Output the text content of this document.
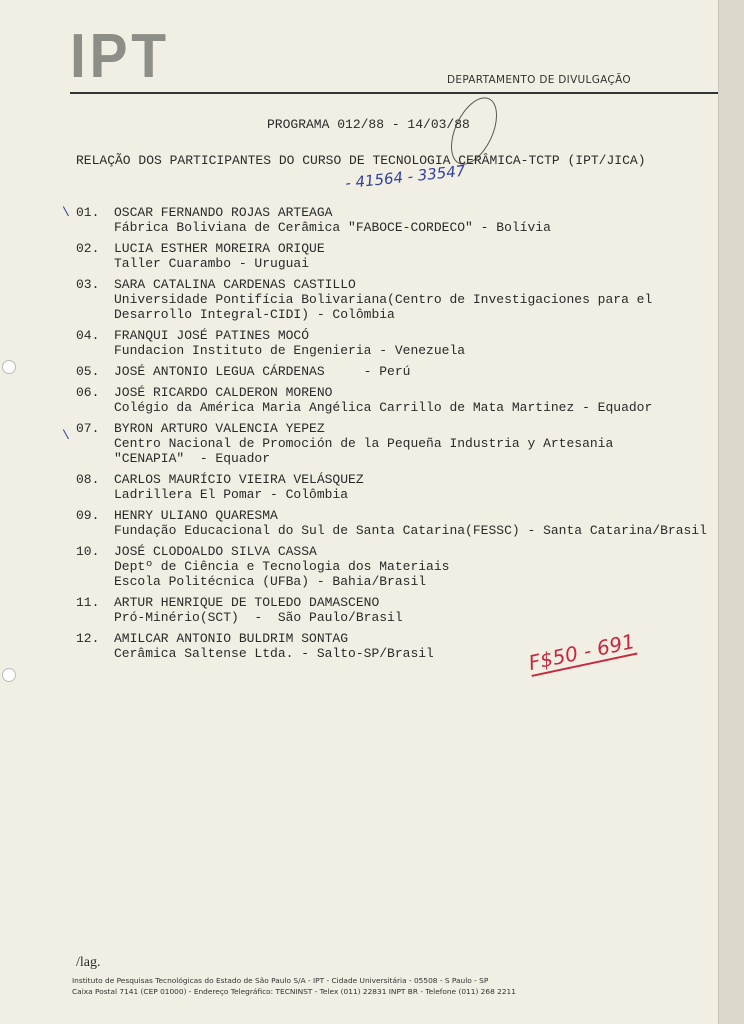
IPT	DEPARTAMENTO DE DIVULGAÇÃO
PROGRAMA 012/88 - 14/03/88
RELAÇÃO DOS PARTICIPANTES DO CURSO DE TECNOLOGIA CERÂMICA-TCTP (IPT/JICA)
- 41564 - 33547
\
\
01.	OSCAR FERNANDO ROJAS ARTEAGA
Fábrica Boliviana de Cerâmica "FABOCE-CORDECO" - Bolívia
02.	LUCIA ESTHER MOREIRA ORIQUE
Taller Cuarambo - Uruguai
03.	SARA CATALINA CARDENAS CASTILLO
Universidade Pontifícia Bolivariana(Centro de Investigaciones para el
Desarrollo Integral-CIDI) - Colômbia
04.	FRANQUI JOSÉ PATINES MOCÓ
Fundacion Instituto de Engenieria - Venezuela
05.	JOSÉ ANTONIO LEGUA CÁRDENAS     - Perú
06.	JOSÉ RICARDO CALDERON MORENO
Colégio da América Maria Angélica Carrillo de Mata Martinez - Equador
07.	BYRON ARTURO VALENCIA YEPEZ
Centro Nacional de Promoción de la Pequeña Industria y Artesania
"CENAPIA"  - Equador
08.	CARLOS MAURÍCIO VIEIRA VELÁSQUEZ
Ladrillera El Pomar - Colômbia
09.	HENRY ULIANO QUARESMA
Fundação Educacional do Sul de Santa Catarina(FESSC) - Santa Catarina/Brasil
10.	JOSÉ CLODOALDO SILVA CASSA
Deptº de Ciência e Tecnologia dos Materiais
Escola Politécnica (UFBa) - Bahia/Brasil
11.	ARTUR HENRIQUE DE TOLEDO DAMASCENO
Pró-Minério(SCT)  -  São Paulo/Brasil
12.	AMILCAR ANTONIO BULDRIM SONTAG
Cerâmica Saltense Ltda. - Salto-SP/Brasil	F$50 - 691
/lag.
Instituto de Pesquisas Tecnológicas do Estado de São Paulo S/A - IPT - Cidade Universitária - 05508 - S Paulo - SP
Caixa Postal 7141 (CEP 01000) - Endereço Telegráfico: TECNINST - Telex (011) 22831 INPT BR - Telefone (011) 268 2211
